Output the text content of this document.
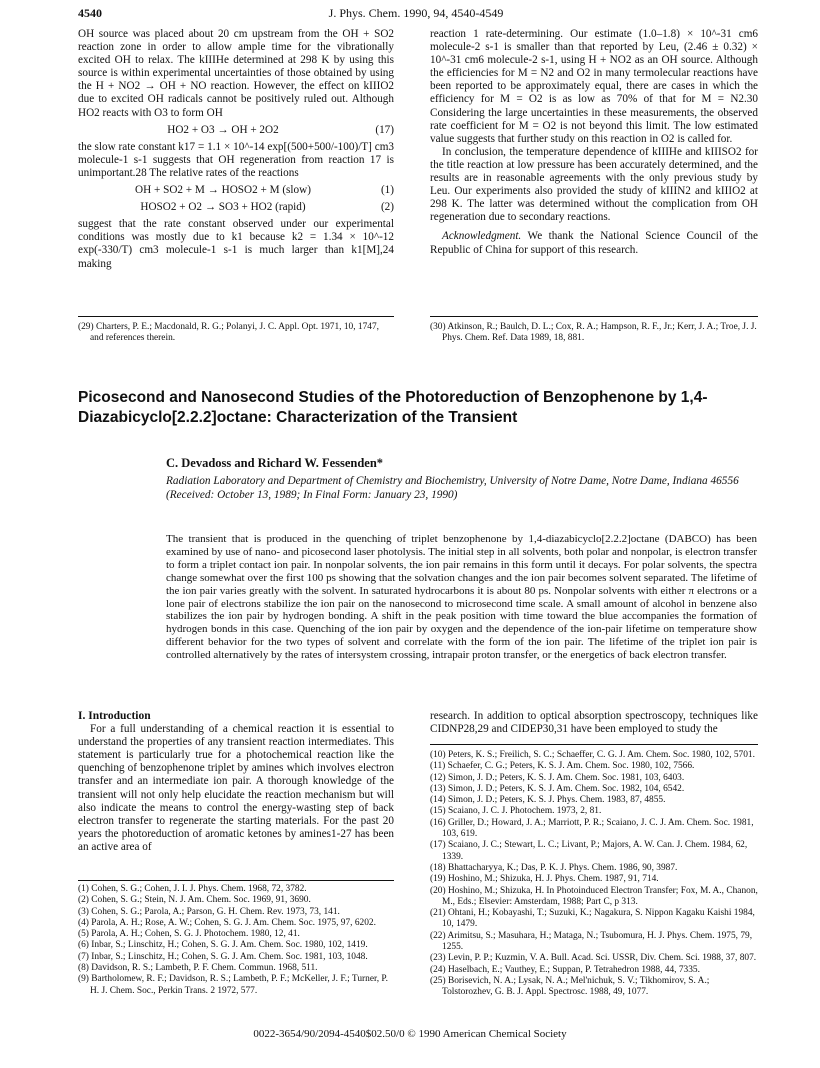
4540	J. Phys. Chem. 1990, 94, 4540-4549

OH source was placed about 20 cm upstream from the OH + SO2 reaction zone in order to allow ample time for the vibrationally excited OH to relax. The kIIIHe determined at 298 K by using this source is within experimental uncertainties of those obtained by using the H + NO2 → OH + NO reaction. However, the effect on kIIIO2 due to excited OH radicals cannot be positively ruled out. Although HO2 reacts with O3 to form OH

HO2 + O3 → OH + 2O2	(17)

the slow rate constant k17 = 1.1 × 10^-14 exp[(500+500/-100)/T] cm3 molecule-1 s-1 suggests that OH regeneration from reaction 17 is unimportant.28 The relative rates of the reactions

OH + SO2 + M → HOSO2 + M (slow)	(1)
HOSO2 + O2 → SO3 + HO2 (rapid)	(2)

suggest that the rate constant observed under our experimental conditions was mostly due to k1 because k2 = 1.34 × 10^-12 exp(-330/T) cm3 molecule-1 s-1 is much larger than k1[M],24 making

(29) Charters, P. E.; Macdonald, R. G.; Polanyi, J. C. Appl. Opt. 1971, 10, 1747, and references therein.

reaction 1 rate-determining. Our estimate (1.0–1.8) × 10^-31 cm6 molecule-2 s-1 is smaller than that reported by Leu, (2.46 ± 0.32) × 10^-31 cm6 molecule-2 s-1, using H + NO2 as an OH source. Although the efficiencies for M = N2 and O2 in many termolecular reactions have been reported to be approximately equal, there are cases in which the efficiency for M = O2 is as low as 70% of that for M = N2.30 Considering the large uncertainties in these measurements, the observed rate coefficient for M = O2 is not beyond this limit. The low estimated value suggests that further study on this reaction in O2 is called for.

In conclusion, the temperature dependence of kIIIHe and kIIISO2 for the title reaction at low pressure has been accurately determined, and the results are in reasonable agreements with the only previous study by Leu. Our experiments also provided the study of kIIIN2 and kIIIO2 at 298 K. The latter was determined without the complication from OH regeneration due to secondary reactions.

Acknowledgment. We thank the National Science Council of the Republic of China for support of this research.

(30) Atkinson, R.; Baulch, D. L.; Cox, R. A.; Hampson, R. F., Jr.; Kerr, J. A.; Troe, J. J. Phys. Chem. Ref. Data 1989, 18, 881.
Picosecond and Nanosecond Studies of the Photoreduction of Benzophenone by 1,4-Diazabicyclo[2.2.2]octane: Characterization of the Transient
C. Devadoss and Richard W. Fessenden*
Radiation Laboratory and Department of Chemistry and Biochemistry, University of Notre Dame, Notre Dame, Indiana 46556 (Received: October 13, 1989; In Final Form: January 23, 1990)
The transient that is produced in the quenching of triplet benzophenone by 1,4-diazabicyclo[2.2.2]octane (DABCO) has been examined by use of nano- and picosecond laser photolysis. The initial step in all solvents, both polar and nonpolar, is electron transfer to form a triplet contact ion pair. In nonpolar solvents, the ion pair remains in this form until it decays. For polar solvents, the spectra change somewhat over the first 100 ps showing that the solvation changes and the ion pair becomes solvent separated. The lifetime of the ion pair varies greatly with the solvent. In saturated hydrocarbons it is about 80 ps. Nonpolar solvents with either π electrons or a lone pair of electrons stabilize the ion pair on the nanosecond to microsecond time scale. A small amount of alcohol in benzene also stabilizes the ion pair by hydrogen bonding. A shift in the peak position with time toward the blue accompanies the formation of hydrogen bonds in this case. Quenching of the ion pair by oxygen and the dependence of the ion-pair lifetime on temperature show different behavior for the two types of solvent and correlate with the form of the ion pair. The lifetime of the triplet ion pair is controlled alternatively by the rates of intersystem crossing, intrapair proton transfer, or the energetics of back electron transfer.
I. Introduction

For a full understanding of a chemical reaction it is essential to understand the properties of any transient reaction intermediates. This statement is particularly true for a photochemical reaction like the quenching of benzophenone triplet by amines which involves electron transfer and an intermediate ion pair. A thorough knowledge of the transient will not only help elucidate the reaction mechanism but will also indicate the means to control the energy-wasting step of back electron transfer to regenerate the starting materials. For the past 20 years the photoreduction of aromatic ketones by amines1-27 has been an active area of

(1) Cohen, S. G.; Cohen, J. I. J. Phys. Chem. 1968, 72, 3782.
(2) Cohen, S. G.; Stein, N. J. Am. Chem. Soc. 1969, 91, 3690.
(3) Cohen, S. G.; Parola, A.; Parson, G. H. Chem. Rev. 1973, 73, 141.
(4) Parola, A. H.; Rose, A. W.; Cohen, S. G. J. Am. Chem. Soc. 1975, 97, 6202.
(5) Parola, A. H.; Cohen, S. G. J. Photochem. 1980, 12, 41.
(6) Inbar, S.; Linschitz, H.; Cohen, S. G. J. Am. Chem. Soc. 1980, 102, 1419.
(7) Inbar, S.; Linschitz, H.; Cohen, S. G. J. Am. Chem. Soc. 1981, 103, 1048.
(8) Davidson, R. S.; Lambeth, P. F. Chem. Commun. 1968, 511.
(9) Bartholomew, R. F.; Davidson, R. S.; Lambeth, P. F.; McKeller, J. F.; Turner, P. H. J. Chem. Soc., Perkin Trans. 2 1972, 577.

research. In addition to optical absorption spectroscopy, techniques like CIDNP28,29 and CIDEP30,31 have been employed to study the

(10) Peters, K. S.; Freilich, S. C.; Schaeffer, C. G. J. Am. Chem. Soc. 1980, 102, 5701.
(11) Schaefer, C. G.; Peters, K. S. J. Am. Chem. Soc. 1980, 102, 7566.
(12) Simon, J. D.; Peters, K. S. J. Am. Chem. Soc. 1981, 103, 6403.
(13) Simon, J. D.; Peters, K. S. J. Am. Chem. Soc. 1982, 104, 6542.
(14) Simon, J. D.; Peters, K. S. J. Phys. Chem. 1983, 87, 4855.
(15) Scaiano, J. C. J. Photochem. 1973, 2, 81.
(16) Griller, D.; Howard, J. A.; Marriott, P. R.; Scaiano, J. C. J. Am. Chem. Soc. 1981, 103, 619.
(17) Scaiano, J. C.; Stewart, L. C.; Livant, P.; Majors, A. W. Can. J. Chem. 1984, 62, 1339.
(18) Bhattacharyya, K.; Das, P. K. J. Phys. Chem. 1986, 90, 3987.
(19) Hoshino, M.; Shizuka, H. J. Phys. Chem. 1987, 91, 714.
(20) Hoshino, M.; Shizuka, H. In Photoinduced Electron Transfer; Fox, M. A., Chanon, M., Eds.; Elsevier: Amsterdam, 1988; Part C, p 313.
(21) Ohtani, H.; Kobayashi, T.; Suzuki, K.; Nagakura, S. Nippon Kagaku Kaishi 1984, 10, 1479.
(22) Arimitsu, S.; Masuhara, H.; Mataga, N.; Tsubomura, H. J. Phys. Chem. 1975, 79, 1255.
(23) Levin, P. P.; Kuzmin, V. A. Bull. Acad. Sci. USSR, Div. Chem. Sci. 1988, 37, 807.
(24) Haselbach, E.; Vauthey, E.; Suppan, P. Tetrahedron 1988, 44, 7335.
(25) Borisevich, N. A.; Lysak, N. A.; Mel'nichuk, S. V.; Tikhomirov, S. A.; Tolstorozhev, G. B. J. Appl. Spectrosc. 1988, 49, 1077.
0022-3654/90/2094-4540$02.50/0 © 1990 American Chemical Society
